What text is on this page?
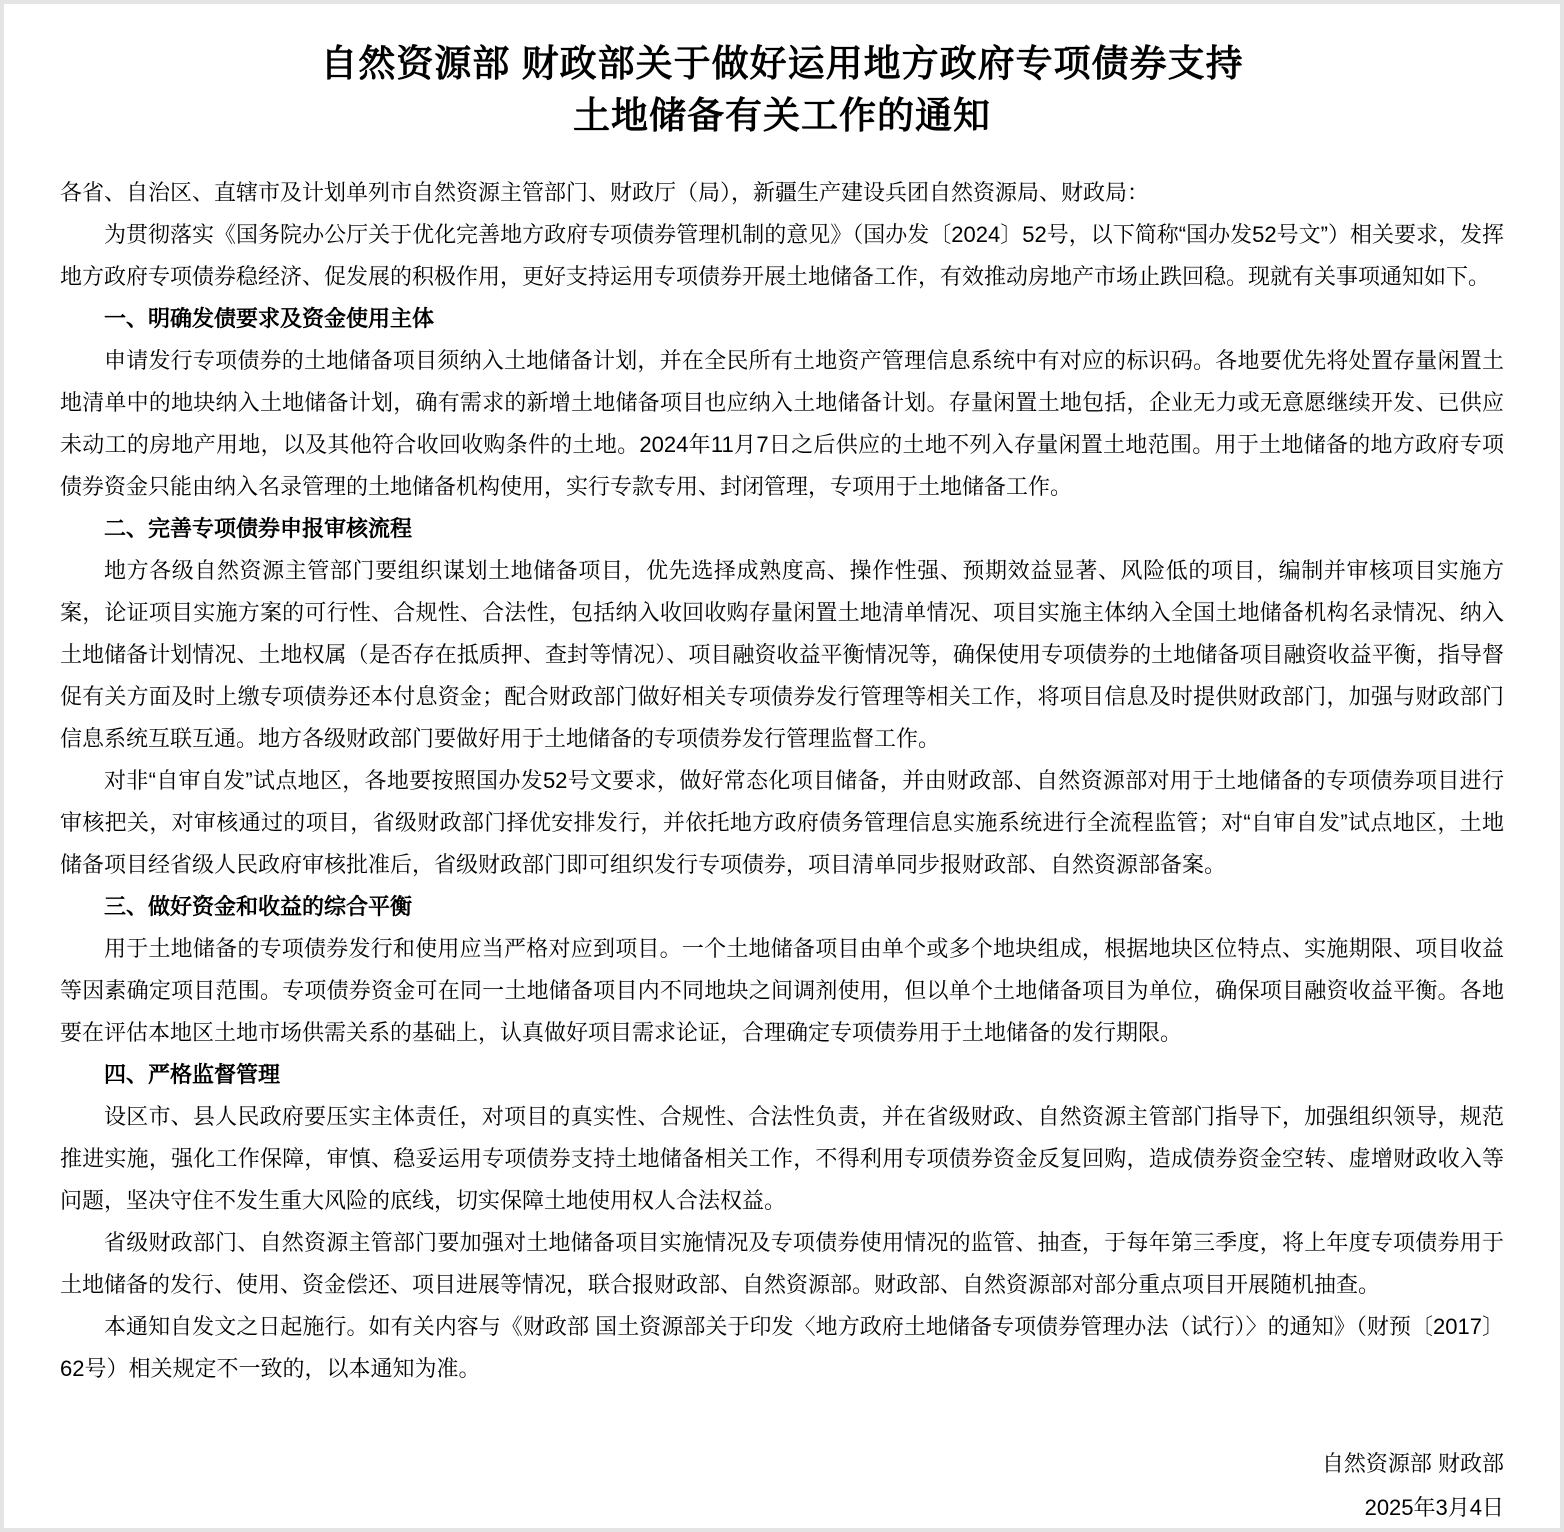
自然资源部 财政部关于做好运用地方政府专项债券支持
土地储备有关工作的通知

各省、自治区、直辖市及计划单列市自然资源主管部门、财政厅（局），新疆生产建设兵团自然资源局、财政局：

为贯彻落实《国务院办公厅关于优化完善地方政府专项债券管理机制的意见》（国办发〔2024〕52号，以下简称“国办发52号文”）相关要求，发挥地方政府专项债券稳经济、促发展的积极作用，更好支持运用专项债券开展土地储备工作，有效推动房地产市场止跌回稳。现就有关事项通知如下。

一、明确发债要求及资金使用主体

申请发行专项债券的土地储备项目须纳入土地储备计划，并在全民所有土地资产管理信息系统中有对应的标识码。各地要优先将处置存量闲置土地清单中的地块纳入土地储备计划，确有需求的新增土地储备项目也应纳入土地储备计划。存量闲置土地包括，企业无力或无意愿继续开发、已供应未动工的房地产用地，以及其他符合收回收购条件的土地。2024年11月7日之后供应的土地不列入存量闲置土地范围。用于土地储备的地方政府专项债券资金只能由纳入名录管理的土地储备机构使用，实行专款专用、封闭管理，专项用于土地储备工作。

二、完善专项债券申报审核流程

地方各级自然资源主管部门要组织谋划土地储备项目，优先选择成熟度高、操作性强、预期效益显著、风险低的项目，编制并审核项目实施方案，论证项目实施方案的可行性、合规性、合法性，包括纳入收回收购存量闲置土地清单情况、项目实施主体纳入全国土地储备机构名录情况、纳入土地储备计划情况、土地权属（是否存在抵质押、查封等情况）、项目融资收益平衡情况等，确保使用专项债券的土地储备项目融资收益平衡，指导督促有关方面及时上缴专项债券还本付息资金；配合财政部门做好相关专项债券发行管理等相关工作，将项目信息及时提供财政部门，加强与财政部门信息系统互联互通。地方各级财政部门要做好用于土地储备的专项债券发行管理监督工作。

对非“自审自发”试点地区，各地要按照国办发52号文要求，做好常态化项目储备，并由财政部、自然资源部对用于土地储备的专项债券项目进行审核把关，对审核通过的项目，省级财政部门择优安排发行，并依托地方政府债务管理信息实施系统进行全流程监管；对“自审自发”试点地区，土地储备项目经省级人民政府审核批准后，省级财政部门即可组织发行专项债券，项目清单同步报财政部、自然资源部备案。

三、做好资金和收益的综合平衡

用于土地储备的专项债券发行和使用应当严格对应到项目。一个土地储备项目由单个或多个地块组成，根据地块区位特点、实施期限、项目收益等因素确定项目范围。专项债券资金可在同一土地储备项目内不同地块之间调剂使用，但以单个土地储备项目为单位，确保项目融资收益平衡。各地要在评估本地区土地市场供需关系的基础上，认真做好项目需求论证，合理确定专项债券用于土地储备的发行期限。

四、严格监督管理

设区市、县人民政府要压实主体责任，对项目的真实性、合规性、合法性负责，并在省级财政、自然资源主管部门指导下，加强组织领导，规范推进实施，强化工作保障，审慎、稳妥运用专项债券支持土地储备相关工作，不得利用专项债券资金反复回购，造成债券资金空转、虚增财政收入等问题，坚决守住不发生重大风险的底线，切实保障土地使用权人合法权益。

省级财政部门、自然资源主管部门要加强对土地储备项目实施情况及专项债券使用情况的监管、抽查，于每年第三季度，将上年度专项债券用于土地储备的发行、使用、资金偿还、项目进展等情况，联合报财政部、自然资源部。财政部、自然资源部对部分重点项目开展随机抽查。

本通知自发文之日起施行。如有关内容与《财政部 国土资源部关于印发〈地方政府土地储备专项债券管理办法（试行）〉的通知》（财预〔2017〕62号）相关规定不一致的，以本通知为准。

自然资源部 财政部

2025年3月4日
